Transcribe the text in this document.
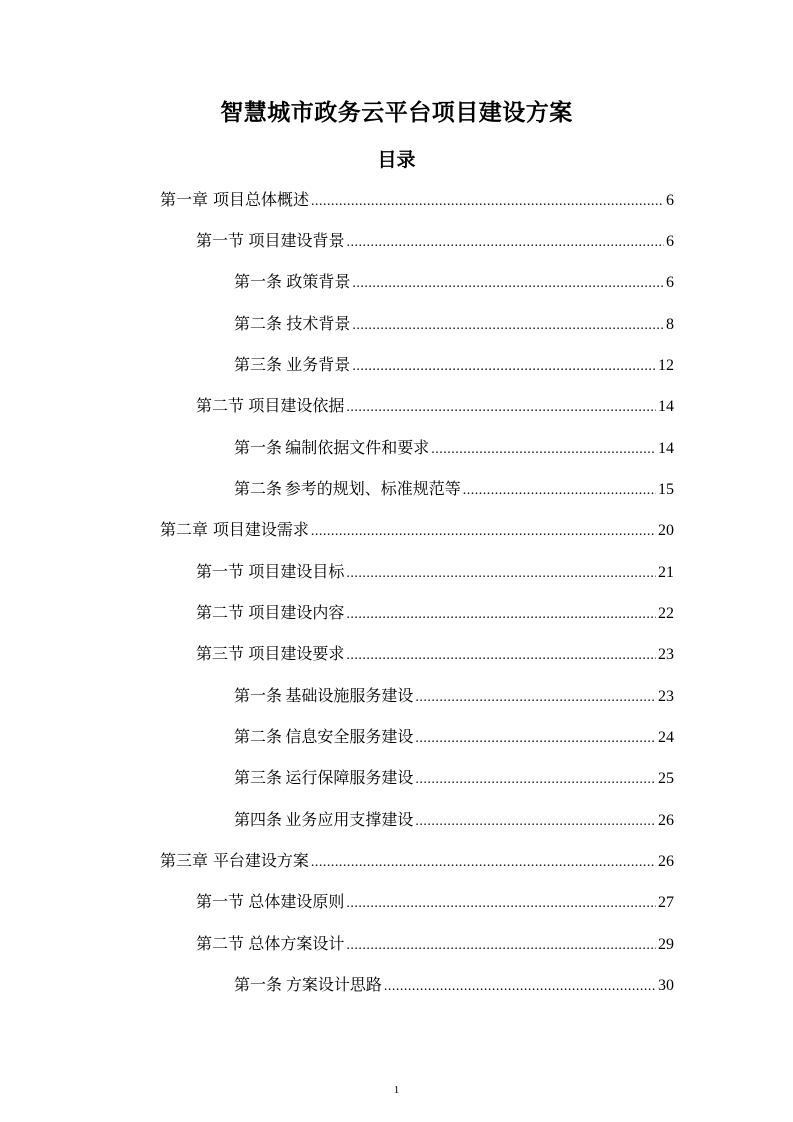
智慧城市政务云平台项目建设方案
目录
第一章 项目总体概述 .....	6
第一节 项目建设背景 .....	6
第一条 政策背景 .....	6
第二条 技术背景 .....	8
第三条 业务背景 .....	12
第二节 项目建设依据 .....	14
第一条 编制依据文件和要求 .....	14
第二条 参考的规划、标准规范等 .....	15
第二章 项目建设需求 .....	20
第一节 项目建设目标 .....	21
第二节 项目建设内容 .....	22
第三节 项目建设要求 .....	23
第一条 基础设施服务建设 .....	23
第二条 信息安全服务建设 .....	24
第三条 运行保障服务建设 .....	25
第四条 业务应用支撑建设 .....	26
第三章 平台建设方案 .....	26
第一节 总体建设原则 .....	27
第二节 总体方案设计 .....	29
第一条 方案设计思路 .....	30
1
